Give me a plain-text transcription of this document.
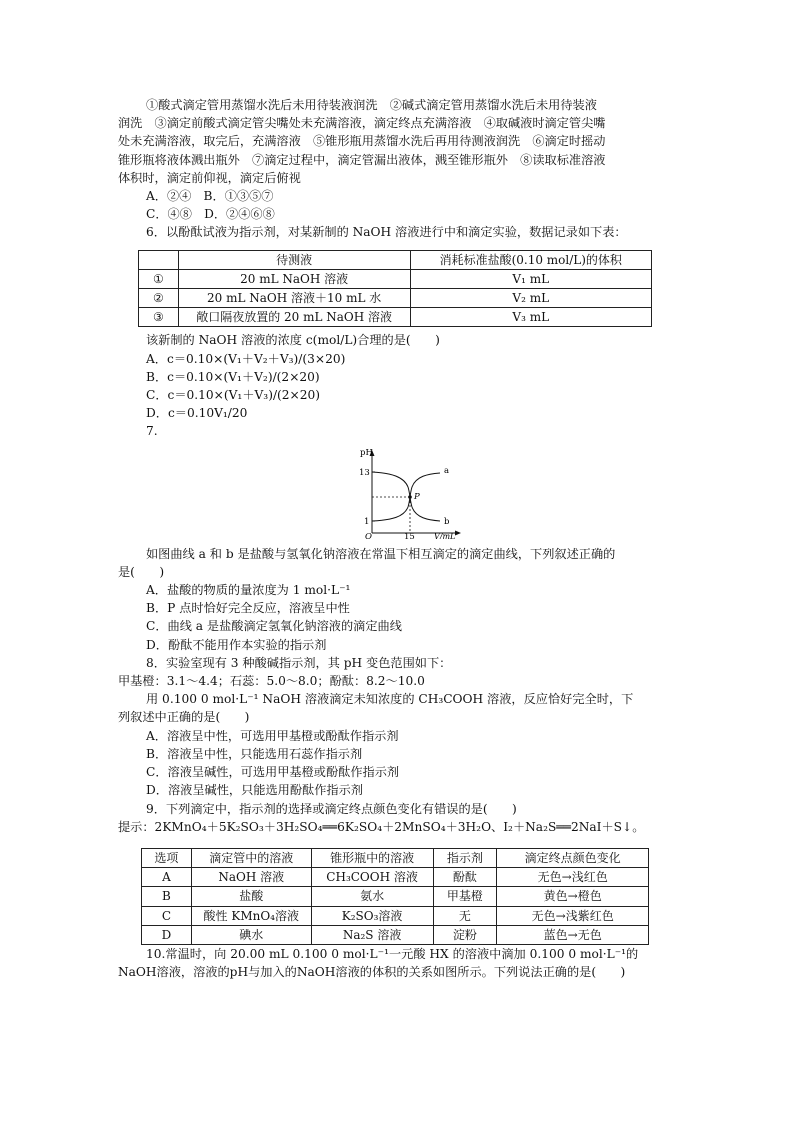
①酸式滴定管用蒸馏水洗后未用待装液润洗　②碱式滴定管用蒸馏水洗后未用待装液

润洗　③滴定前酸式滴定管尖嘴处未充满溶液，滴定终点充满溶液　④取碱液时滴定管尖嘴

处未充满溶液，取完后，充满溶液　⑤锥形瓶用蒸馏水洗后再用待测液润洗　⑥滴定时摇动

锥形瓶将液体溅出瓶外　⑦滴定过程中，滴定管漏出液体，溅至锥形瓶外　⑧读取标准溶液

体积时，滴定前仰视，滴定后俯视

A．②④　B．①③⑤⑦

C．④⑧　D．②④⑥⑧

6．以酚酞试液为指示剂，对某新制的 NaOH 溶液进行中和滴定实验，数据记录如下表：

	待测液	消耗标准盐酸(0.10 mol/L)的体积
①	20 mL NaOH 溶液	V₁ mL
②	20 mL NaOH 溶液＋10 mL 水	V₂ mL
③	敞口隔夜放置的 20 mL NaOH 溶液	V₃ mL

该新制的 NaOH 溶液的浓度 c(mol/L)合理的是(　　)

A．c＝0.10×(V₁＋V₂＋V₃)/(3×20)

B．c＝0.10×(V₁＋V₂)/(2×20)

C．c＝0.10×(V₁＋V₃)/(2×20)

D．c＝0.10V₁/20

7.

pH
13
1
O	15 V/mL
P
a
b

如图曲线 a 和 b 是盐酸与氢氧化钠溶液在常温下相互滴定的滴定曲线，下列叙述正确的

是(　　)

A．盐酸的物质的量浓度为 1 mol·L⁻¹

B．P 点时恰好完全反应，溶液呈中性

C．曲线 a 是盐酸滴定氢氧化钠溶液的滴定曲线

D．酚酞不能用作本实验的指示剂

8．实验室现有 3 种酸碱指示剂，其 pH 变色范围如下：

甲基橙：3.1～4.4；石蕊：5.0～8.0；酚酞：8.2～10.0

用 0.100 0 mol·L⁻¹ NaOH 溶液滴定未知浓度的 CH₃COOH 溶液，反应恰好完全时，下

列叙述中正确的是(　　)

A．溶液呈中性，可选用甲基橙或酚酞作指示剂

B．溶液呈中性，只能选用石蕊作指示剂

C．溶液呈碱性，可选用甲基橙或酚酞作指示剂

D．溶液呈碱性，只能选用酚酞作指示剂

9．下列滴定中，指示剂的选择或滴定终点颜色变化有错误的是(　　)

提示：2KMnO₄＋5K₂SO₃＋3H₂SO₄══6K₂SO₄＋2MnSO₄＋3H₂O、I₂＋Na₂S══2NaI＋S↓。

选项	滴定管中的溶液	锥形瓶中的溶液	指示剂	滴定终点颜色变化
A	NaOH 溶液	CH₃COOH 溶液	酚酞	无色→浅红色
B	盐酸	氨水	甲基橙	黄色→橙色
C	酸性 KMnO₄溶液	K₂SO₃溶液	无	无色→浅紫红色
D	碘水	Na₂S 溶液	淀粉	蓝色→无色

10.常温时，向 20.00 mL 0.100 0 mol·L⁻¹一元酸 HX 的溶液中滴加 0.100 0 mol·L⁻¹的

NaOH溶液，溶液的pH与加入的NaOH溶液的体积的关系如图所示。下列说法正确的是(　　)
